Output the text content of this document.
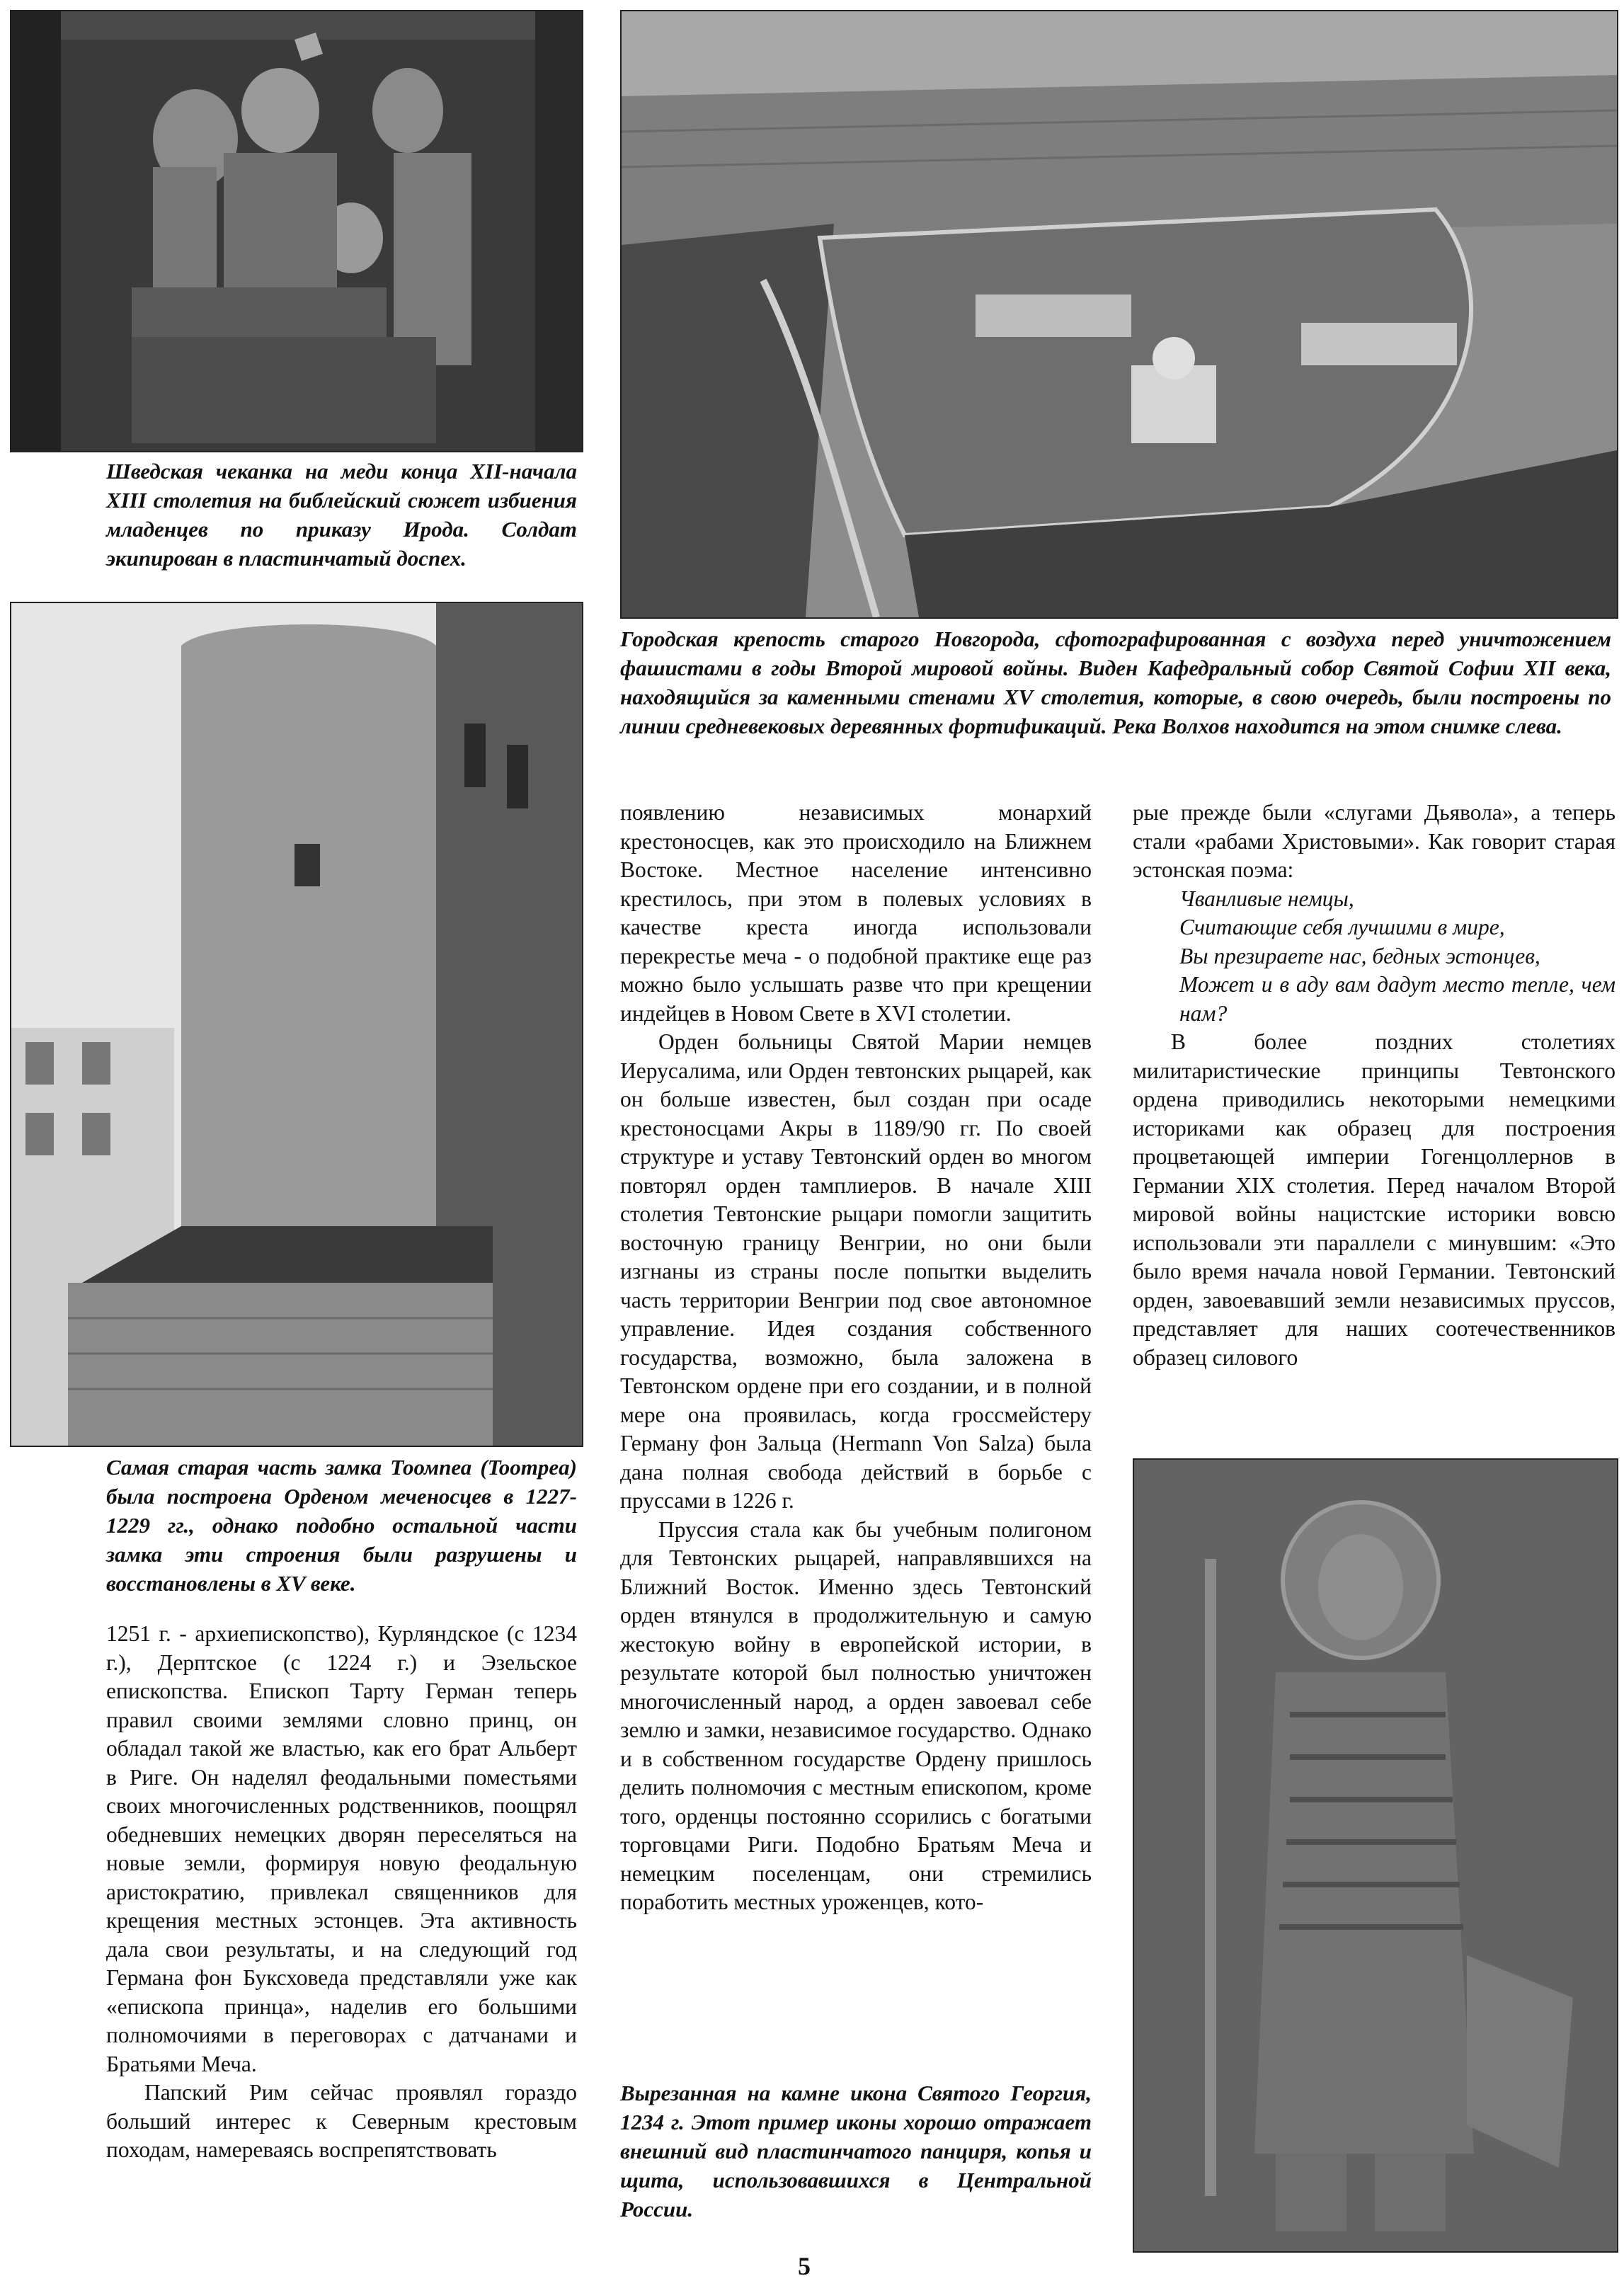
Шведская чеканка на меди конца XII-начала XIII столетия на библейский сюжет избиения младенцев по приказу Ирода. Солдат экипирован в пластинчатый доспех.

Городская крепость старого Новгорода, сфотографированная с воздуха перед уничтожением фашистами в годы Второй мировой войны. Виден Кафедральный собор Святой Софии XII века, находящийся за каменными стенами XV столетия, которые, в свою очередь, были построены по линии средневековых деревянных фортификаций. Река Волхов находится на этом снимке слева.

Самая старая часть замка Тоомпеа (Toompea) была построена Орденом меченосцев в 1227-1229 гг., однако подобно остальной части замка эти строения были разрушены и восстановлены в XV веке.

1251 г. - архиепископство), Курляндское (с 1234 г.), Дерптское (с 1224 г.) и Эзельское епископства. Епископ Тарту Герман теперь правил своими землями словно принц, он обладал такой же властью, как его брат Альберт в Риге. Он наделял феодальными поместьями своих многочисленных родственников, поощрял обедневших немецких дворян переселяться на новые земли, формируя новую феодальную аристократию, привлекал священников для крещения местных эстонцев. Эта активность дала свои результаты, и на следующий год Германа фон Буксховеда представляли уже как «епископа принца», наделив его большими полномочиями в переговорах с датчанами и Братьями Меча.

Папский Рим сейчас проявлял гораздо больший интерес к Северным крестовым походам, намереваясь воспрепятствовать

появлению независимых монархий крестоносцев, как это происходило на Ближнем Востоке. Местное население интенсивно крестилось, при этом в полевых условиях в качестве креста иногда использовали перекрестье меча - о подобной практике еще раз можно было услышать разве что при крещении индейцев в Новом Свете в XVI столетии.

Орден больницы Святой Марии немцев Иерусалима, или Орден тевтонских рыцарей, как он больше известен, был создан при осаде крестоносцами Акры в 1189/90 гг. По своей структуре и уставу Тевтонский орден во многом повторял орден тамплиеров. В начале XIII столетия Тевтонские рыцари помогли защитить восточную границу Венгрии, но они были изгнаны из страны после попытки выделить часть территории Венгрии под свое автономное управление. Идея создания собственного государства, возможно, была заложена в Тевтонском ордене при его создании, и в полной мере она проявилась, когда гроссмейстеру Герману фон Зальца (Hermann Von Salza) была дана полная свобода действий в борьбе с пруссами в 1226 г.

Пруссия стала как бы учебным полигоном для Тевтонских рыцарей, направлявшихся на Ближний Восток. Именно здесь Тевтонский орден втянулся в продолжительную и самую жестокую войну в европейской истории, в результате которой был полностью уничтожен многочисленный народ, а орден завоевал себе землю и замки, независимое государство. Однако и в собственном государстве Ордену пришлось делить полномочия с местным епископом, кроме того, орденцы постоянно ссорились с богатыми торговцами Риги. Подобно Братьям Меча и немецким поселенцам, они стремились поработить местных уроженцев, кото-

Вырезанная на камне икона Святого Георгия, 1234 г. Этот пример иконы хорошо отражает внешний вид пластинчатого панциря, копья и щита, использовавшихся в Центральной России.

рые прежде были «слугами Дьявола», а теперь стали «рабами Христовыми». Как говорит старая эстонская поэма:

Чванливые немцы,
Считающие себя лучшими в мире,
Вы презираете нас, бедных эстонцев,
Может и в аду вам дадут место тепле, чем нам?

В более поздних столетиях милитаристические принципы Тевтонского ордена приводились некоторыми немецкими историками как образец для построения процветающей империи Гогенцоллернов в Германии XIX столетия. Перед началом Второй мировой войны нацистские историки вовсю использовали эти параллели с минувшим: «Это было время начала новой Германии. Тевтонский орден, завоевавший земли независимых пруссов, представляет для наших соотечественников образец силового

5
